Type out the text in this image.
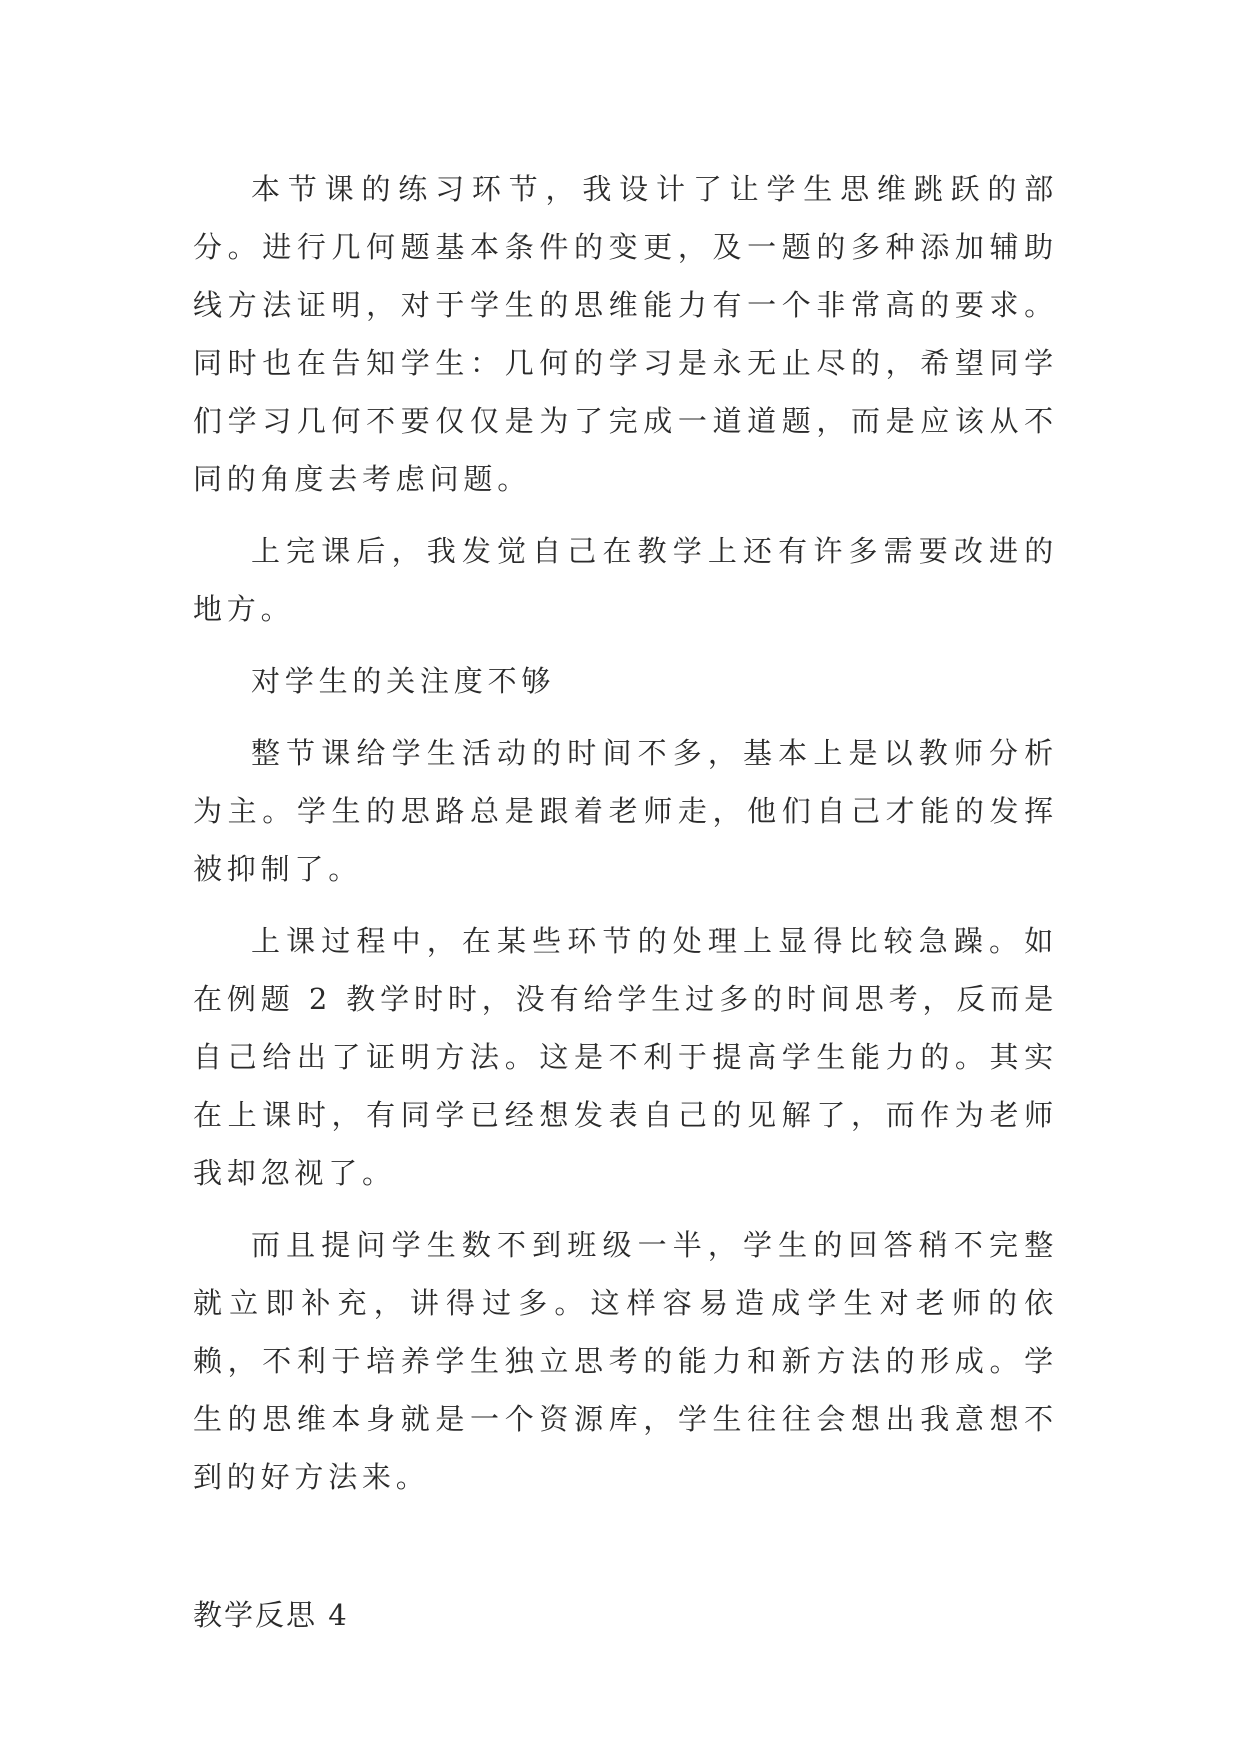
本节课的练习环节，我设计了让学生思维跳跃的部分。进行几何题基本条件的变更，及一题的多种添加辅助线方法证明，对于学生的思维能力有一个非常高的要求。同时也在告知学生：几何的学习是永无止尽的，希望同学们学习几何不要仅仅是为了完成一道道题，而是应该从不同的角度去考虑问题。

上完课后，我发觉自己在教学上还有许多需要改进的地方。

对学生的关注度不够

整节课给学生活动的时间不多，基本上是以教师分析为主。学生的思路总是跟着老师走，他们自己才能的发挥被抑制了。

上课过程中，在某些环节的处理上显得比较急躁。如在例题 2 教学时时，没有给学生过多的时间思考，反而是自己给出了证明方法。这是不利于提高学生能力的。其实在上课时，有同学已经想发表自己的见解了，而作为老师我却忽视了。

而且提问学生数不到班级一半，学生的回答稍不完整就立即补充，讲得过多。这样容易造成学生对老师的依赖，不利于培养学生独立思考的能力和新方法的形成。学生的思维本身就是一个资源库，学生往往会想出我意想不到的好方法来。

教学反思 4
